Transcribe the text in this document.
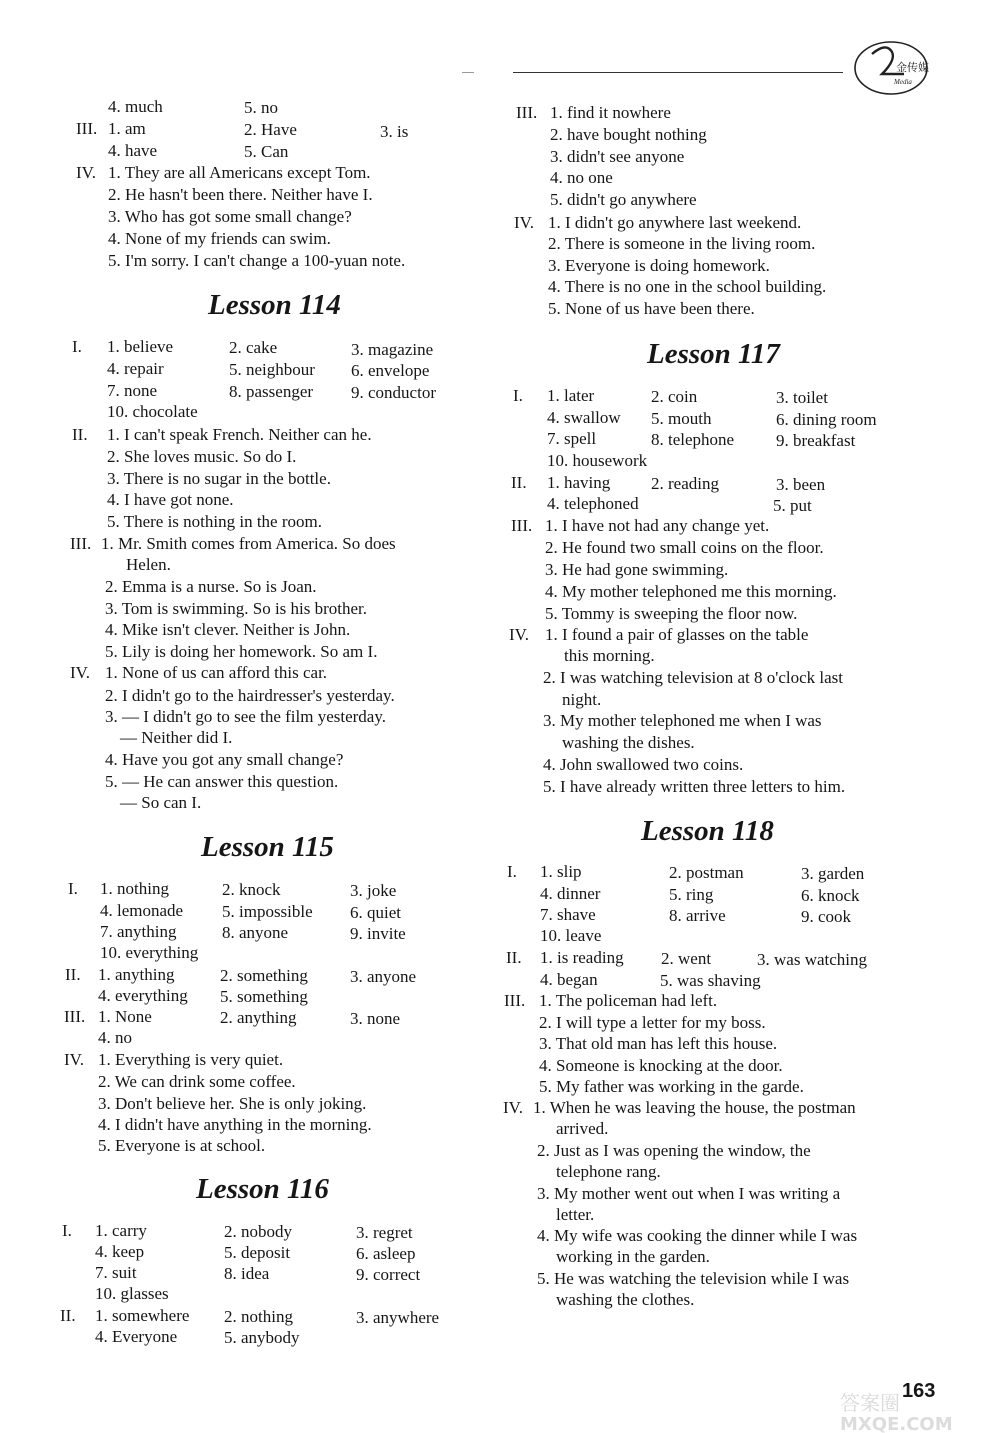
金传媒
Media
4. much	5. no
III. 1. am	2. Have	3. is
4. have	5. Can
IV. 1. They are all Americans except Tom.
2. He hasn't been there. Neither have I.
3. Who has got some small change?
4. None of my friends can swim.
5. I'm sorry. I can't change a 100-yuan note.
Lesson 114
I. 1. believe	2. cake	3. magazine
4. repair	5. neighbour 6. envelope
7. none	8. passenger 9. conductor
10. chocolate
II. 1. I can't speak French. Neither can he.
2. She loves music. So do I.
3. There is no sugar in the bottle.
4. I have got none.
5. There is nothing in the room.
III. 1. Mr. Smith comes from America. So does
Helen.
2. Emma is a nurse. So is Joan.
3. Tom is swimming. So is his brother.
4. Mike isn't clever. Neither is John.
5. Lily is doing her homework. So am I.
IV. 1. None of us can afford this car.
2. I didn't go to the hairdresser's yesterday.
3. — I didn't go to see the film yesterday.
— Neither did I.
4. Have you got any small change?
5. — He can answer this question.
— So can I.
Lesson 115
I. 1. nothing	2. knock	3. joke
4. lemonade 5. impossible 6. quiet
7. anything	8. anyone	9. invite
10. everything
II. 1. anything	2. something 3. anyone
4. everything 5. something
III. 1. None	2. anything	3. none
4. no
IV. 1. Everything is very quiet.
2. We can drink some coffee.
3. Don't believe her. She is only joking.
4. I didn't have anything in the morning.
5. Everyone is at school.
Lesson 116
I. 1. carry	2. nobody	3. regret
4. keep	5. deposit	6. asleep
7. suit	8. idea	9. correct
10. glasses
II. 1. somewhere 2. nothing	3. anywhere
4. Everyone	5. anybody
III. 1. find it nowhere
2. have bought nothing
3. didn't see anyone
4. no one
5. didn't go anywhere
IV. 1. I didn't go anywhere last weekend.
2. There is someone in the living room.
3. Everyone is doing homework.
4. There is no one in the school building.
5. None of us have been there.
Lesson 117
I. 1. later	2. coin	3. toilet
4. swallow 5. mouth	6. dining room
7. spell	8. telephone 9. breakfast
10. housework
II. 1. having 2. reading	3. been
4. telephoned	5. put
III. 1. I have not had any change yet.
2. He found two small coins on the floor.
3. He had gone swimming.
4. My mother telephoned me this morning.
5. Tommy is sweeping the floor now.
IV. 1. I found a pair of glasses on the table
this morning.
2. I was watching television at 8 o'clock last
night.
3. My mother telephoned me when I was
washing the dishes.
4. John swallowed two coins.
5. I have already written three letters to him.
Lesson 118
I. 1. slip	2. postman	3. garden
4. dinner	5. ring	6. knock
7. shave	8. arrive	9. cook
10. leave
II. 1. is reading 2. went	3. was watching
4. began	5. was shaving
III. 1. The policeman had left.
2. I will type a letter for my boss.
3. That old man has left this house.
4. Someone is knocking at the door.
5. My father was working in the garde.
IV. 1. When he was leaving the house, the postman
arrived.
2. Just as I was opening the window, the
telephone rang.
3. My mother went out when I was writing a
letter.
4. My wife was cooking the dinner while I was
working in the garden.
5. He was watching the television while I was
washing the clothes.
答案圈
MXQE.COM
163
